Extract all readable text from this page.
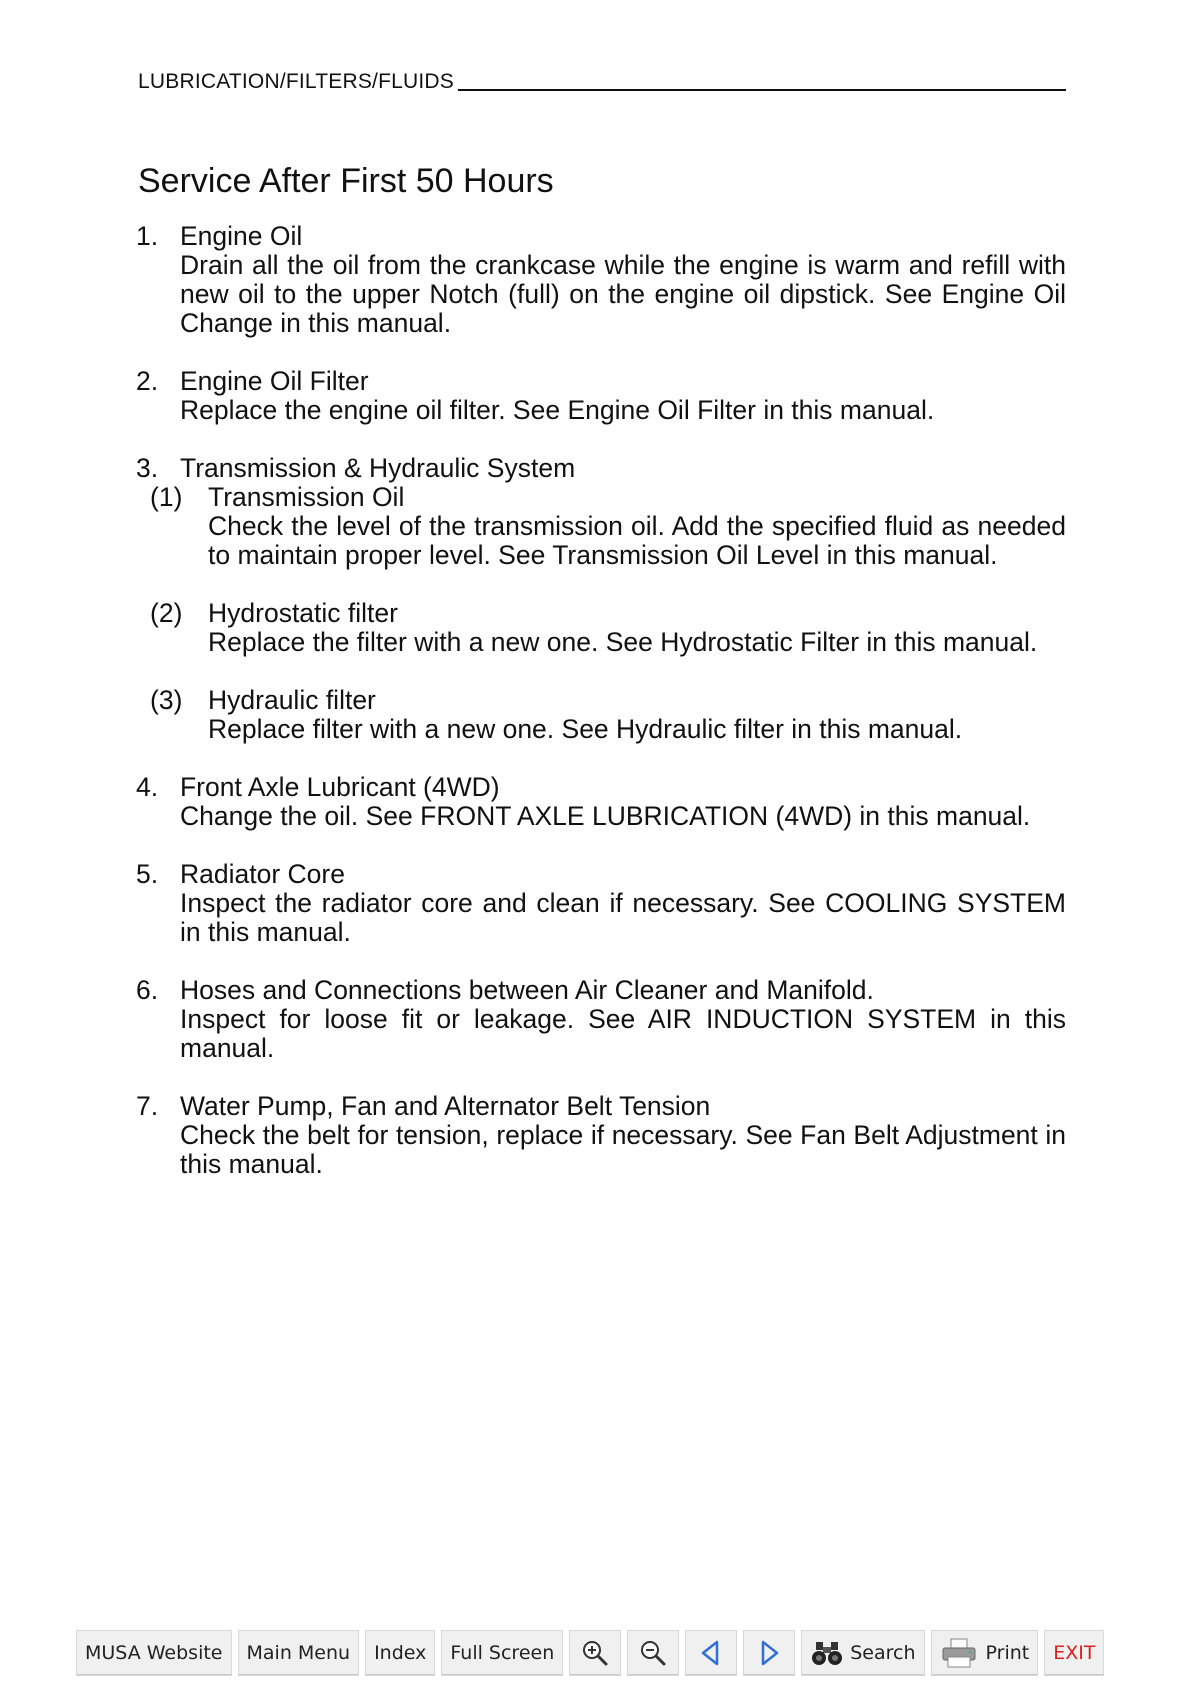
LUBRICATION/FILTERS/FLUIDS
Service After First 50 Hours
1. Engine Oil
Drain all the oil from the crankcase while the engine is warm and refill with new oil to the upper Notch (full) on the engine oil dipstick. See Engine Oil Change in this manual.
2. Engine Oil Filter
Replace the engine oil filter. See Engine Oil Filter in this manual.
3. Transmission & Hydraulic System
(1) Transmission Oil
Check the level of the transmission oil. Add the specified fluid as needed to maintain proper level. See Transmission Oil Level in this manual.
(2) Hydrostatic filter
Replace the filter with a new one. See Hydrostatic Filter in this manual.
(3) Hydraulic filter
Replace filter with a new one. See Hydraulic filter in this manual.
4. Front Axle Lubricant (4WD)
Change the oil. See FRONT AXLE LUBRICATION (4WD) in this manual.
5. Radiator Core
Inspect the radiator core and clean if necessary. See COOLING SYSTEM in this manual.
6. Hoses and Connections between Air Cleaner and Manifold.
Inspect for loose fit or leakage. See AIR INDUCTION SYSTEM in this manual.
7. Water Pump, Fan and Alternator Belt Tension
Check the belt for tension, replace if necessary. See Fan Belt Adjustment in this manual.
MUSA Website	Main Menu	Index	Full Screen	Search	Print	EXIT
